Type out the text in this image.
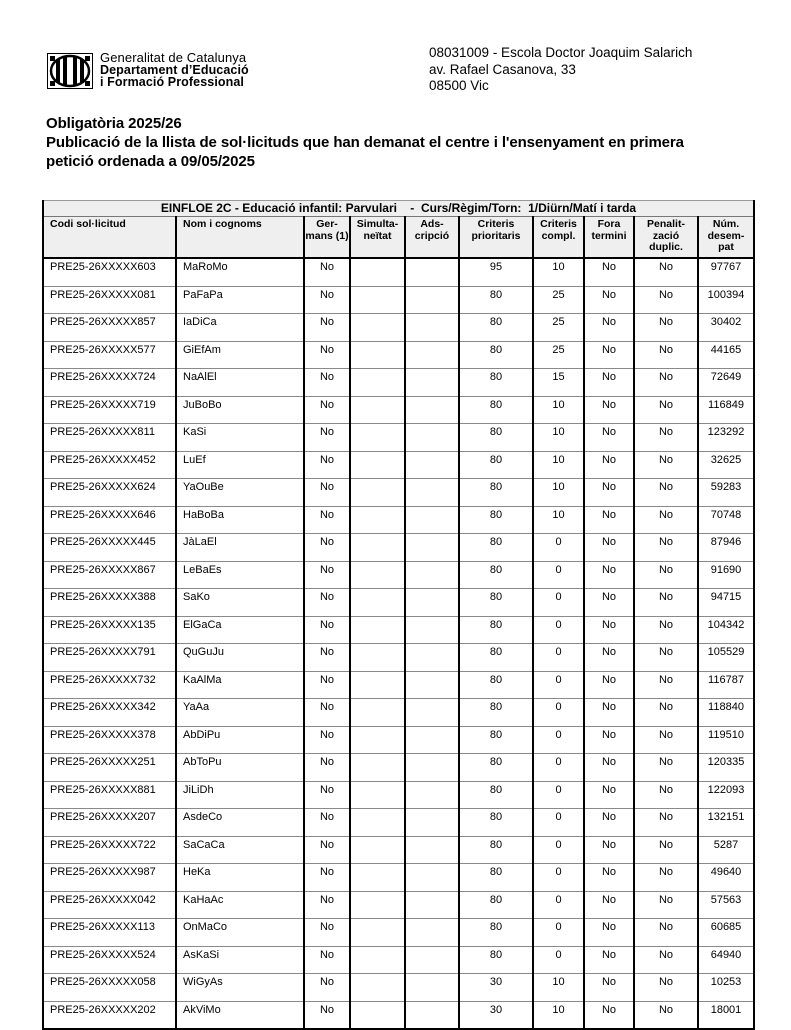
Generalitat de Catalunya
Departament d’Educació
i Formació Professional
08031009 - Escola Doctor Joaquim Salarich
av. Rafael Casanova, 33
08500 Vic
Obligatòria 2025/26
Publicació de la llista de sol·licituds que han demanat el centre i l'ensenyament en primera
petició ordenada a 09/05/2025
EINFLOE 2C - Educació infantil: Parvulari    -  Curs/Règim/Torn:  1/Diürn/Matí i tarda									
Codi sol·licitud	Nom i cognoms	Ger- mans (1)	Simulta- neïtat	Ads- cripció	Criteris prioritaris	Criteris compl.	Fora termini	Penalit- zació duplic.	Núm. desem- pat
PRE25-26XXXXX603	MaRoMo	No			95	10	No	No	97767
PRE25-26XXXXX081	PaFaPa	No			80	25	No	No	100394
PRE25-26XXXXX857	IaDiCa	No			80	25	No	No	30402
PRE25-26XXXXX577	GiEfAm	No			80	25	No	No	44165
PRE25-26XXXXX724	NaAlEl	No			80	15	No	No	72649
PRE25-26XXXXX719	JuBoBo	No			80	10	No	No	116849
PRE25-26XXXXX811	KaSi	No			80	10	No	No	123292
PRE25-26XXXXX452	LuEf	No			80	10	No	No	32625
PRE25-26XXXXX624	YaOuBe	No			80	10	No	No	59283
PRE25-26XXXXX646	HaBoBa	No			80	10	No	No	70748
PRE25-26XXXXX445	JàLaEl	No			80	0	No	No	87946
PRE25-26XXXXX867	LeBaEs	No			80	0	No	No	91690
PRE25-26XXXXX388	SaKo	No			80	0	No	No	94715
PRE25-26XXXXX135	ElGaCa	No			80	0	No	No	104342
PRE25-26XXXXX791	QuGuJu	No			80	0	No	No	105529
PRE25-26XXXXX732	KaAlMa	No			80	0	No	No	116787
PRE25-26XXXXX342	YaAa	No			80	0	No	No	118840
PRE25-26XXXXX378	AbDiPu	No			80	0	No	No	119510
PRE25-26XXXXX251	AbToPu	No			80	0	No	No	120335
PRE25-26XXXXX881	JiLiDh	No			80	0	No	No	122093
PRE25-26XXXXX207	AsdeCo	No			80	0	No	No	132151
PRE25-26XXXXX722	SaCaCa	No			80	0	No	No	5287
PRE25-26XXXXX987	HeKa	No			80	0	No	No	49640
PRE25-26XXXXX042	KaHaAc	No			80	0	No	No	57563
PRE25-26XXXXX113	OnMaCo	No			80	0	No	No	60685
PRE25-26XXXXX524	AsKaSi	No			80	0	No	No	64940
PRE25-26XXXXX058	WiGyAs	No			30	10	No	No	10253
PRE25-26XXXXX202	AkViMo	No			30	10	No	No	18001
